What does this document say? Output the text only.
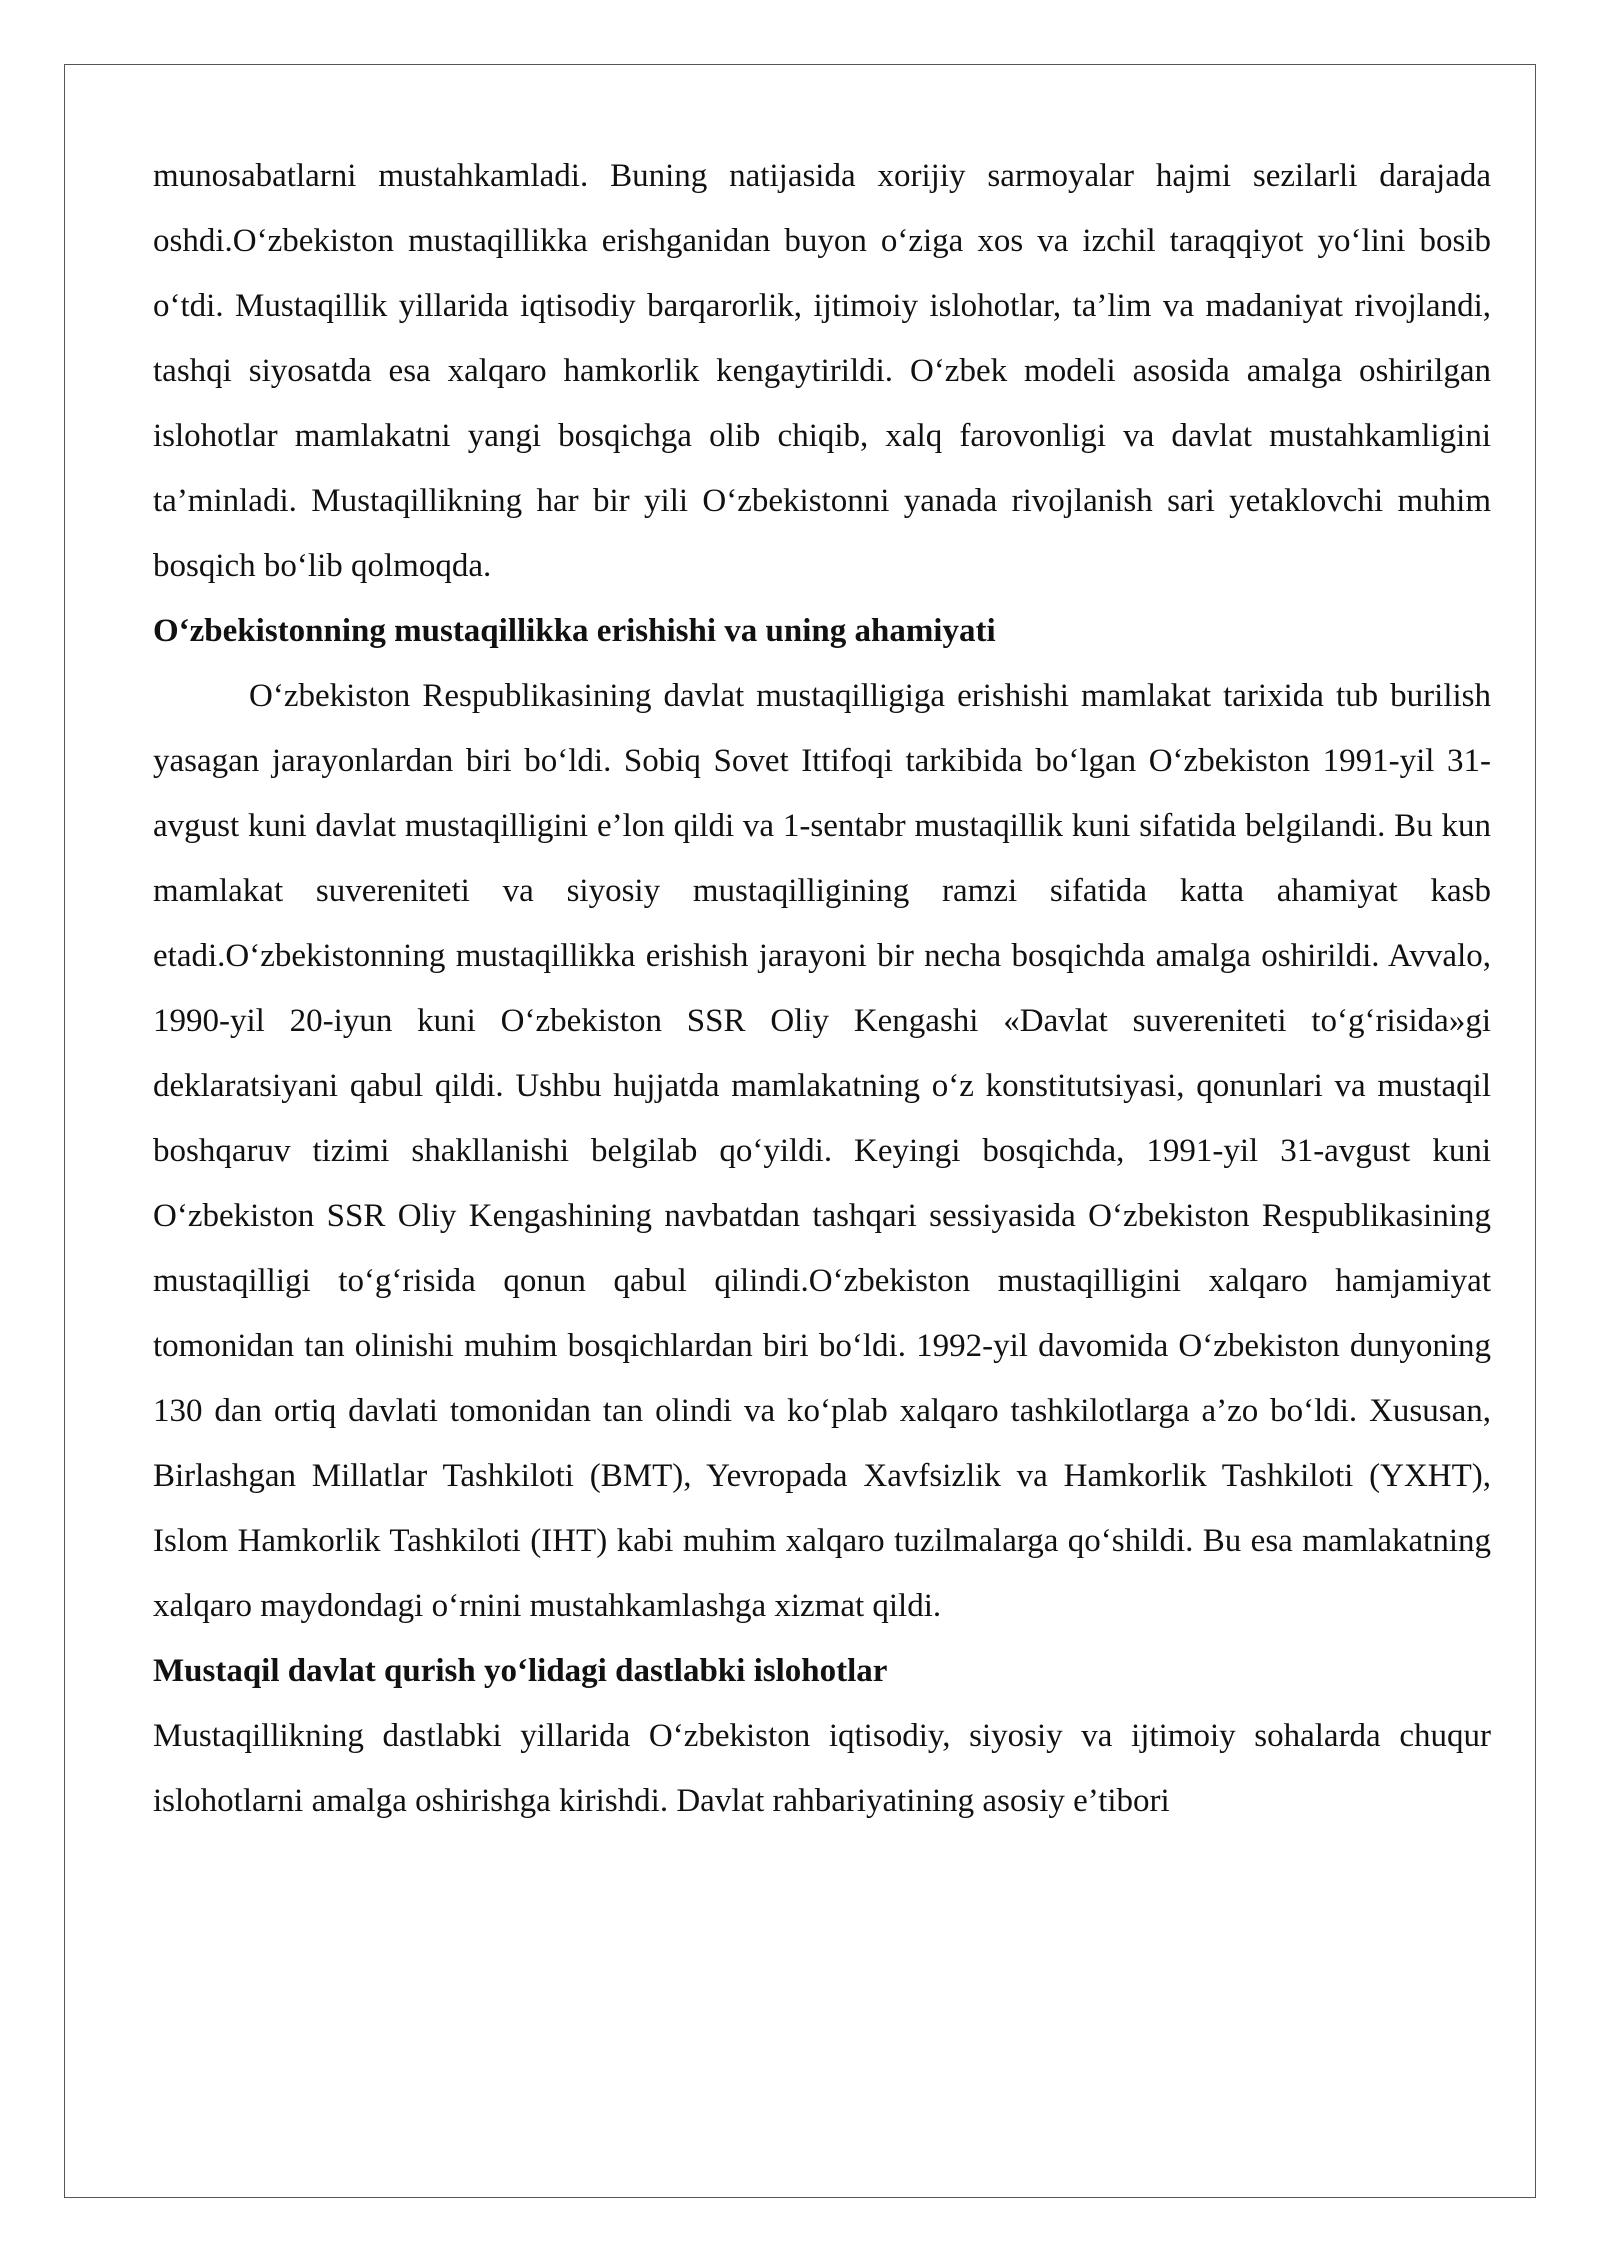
munosabatlarni mustahkamladi. Buning natijasida xorijiy sarmoyalar hajmi sezilarli darajada oshdi.O‘zbekiston mustaqillikka erishganidan buyon o‘ziga xos va izchil taraqqiyot yo‘lini bosib o‘tdi. Mustaqillik yillarida iqtisodiy barqarorlik, ijtimoiy islohotlar, ta’lim va madaniyat rivojlandi, tashqi siyosatda esa xalqaro hamkorlik kengaytirildi. O‘zbek modeli asosida amalga oshirilgan islohotlar mamlakatni yangi bosqichga olib chiqib, xalq farovonligi va davlat mustahkamligini ta’minladi. Mustaqillikning har bir yili O‘zbekistonni yanada rivojlanish sari yetaklovchi muhim bosqich bo‘lib qolmoqda.

O‘zbekistonning mustaqillikka erishishi va uning ahamiyati

O‘zbekiston Respublikasining davlat mustaqilligiga erishishi mamlakat tarixida tub burilish yasagan jarayonlardan biri bo‘ldi. Sobiq Sovet Ittifoqi tarkibida bo‘lgan O‘zbekiston 1991-yil 31-avgust kuni davlat mustaqilligini e’lon qildi va 1-sentabr mustaqillik kuni sifatida belgilandi. Bu kun mamlakat suvereniteti va siyosiy mustaqilligining ramzi sifatida katta ahamiyat kasb etadi.O‘zbekistonning mustaqillikka erishish jarayoni bir necha bosqichda amalga oshirildi. Avvalo, 1990-yil 20-iyun kuni O‘zbekiston SSR Oliy Kengashi «Davlat suvereniteti to‘g‘risida»gi deklaratsiyani qabul qildi. Ushbu hujjatda mamlakatning o‘z konstitutsiyasi, qonunlari va mustaqil boshqaruv tizimi shakllanishi belgilab qo‘yildi. Keyingi bosqichda, 1991-yil 31-avgust kuni O‘zbekiston SSR Oliy Kengashining navbatdan tashqari sessiyasida O‘zbekiston Respublikasining mustaqilligi to‘g‘risida qonun qabul qilindi.O‘zbekiston mustaqilligini xalqaro hamjamiyat tomonidan tan olinishi muhim bosqichlardan biri bo‘ldi. 1992-yil davomida O‘zbekiston dunyoning 130 dan ortiq davlati tomonidan tan olindi va ko‘plab xalqaro tashkilotlarga a’zo bo‘ldi. Xususan, Birlashgan Millatlar Tashkiloti (BMT), Yevropada Xavfsizlik va Hamkorlik Tashkiloti (YXHT), Islom Hamkorlik Tashkiloti (IHT) kabi muhim xalqaro tuzilmalarga qo‘shildi. Bu esa mamlakatning xalqaro maydondagi o‘rnini mustahkamlashga xizmat qildi.

Mustaqil davlat qurish yo‘lidagi dastlabki islohotlar

Mustaqillikning dastlabki yillarida O‘zbekiston iqtisodiy, siyosiy va ijtimoiy sohalarda chuqur islohotlarni amalga oshirishga kirishdi. Davlat rahbariyatining asosiy e’tibori
